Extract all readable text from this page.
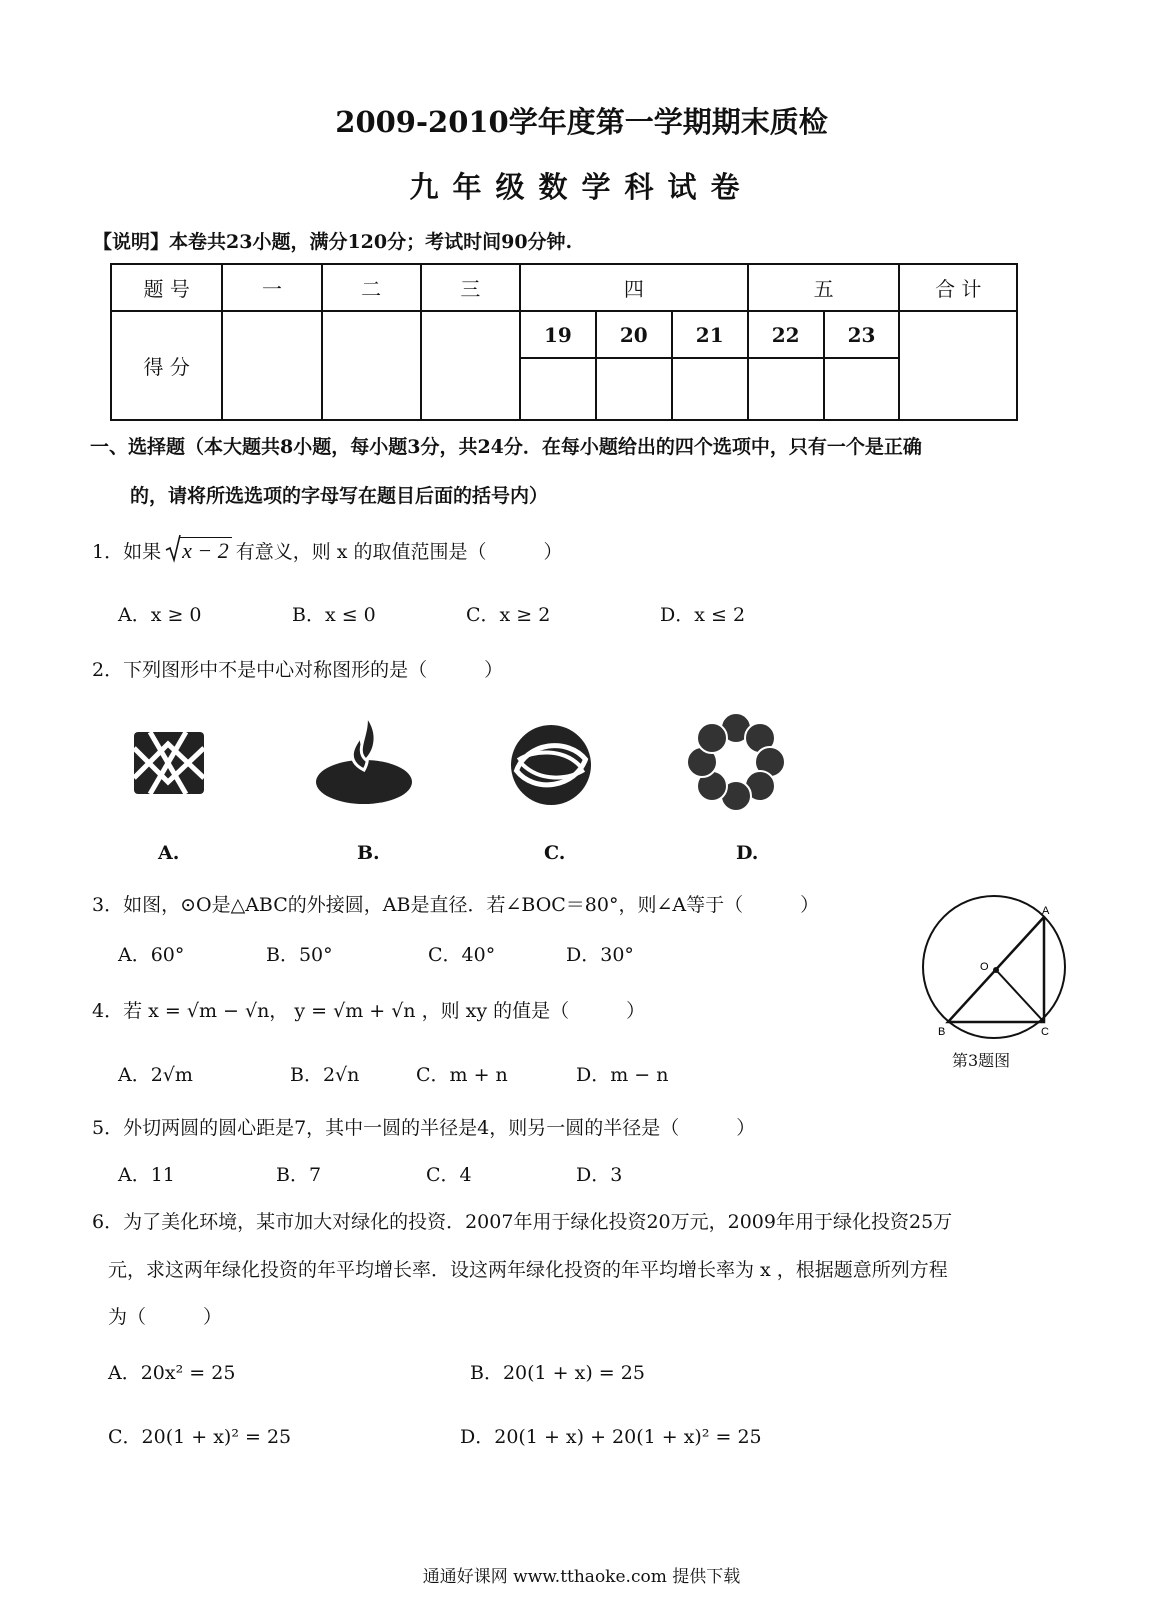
2009-2010学年度第一学期期末质检
九年级数学科试卷
【说明】本卷共23小题，满分120分；考试时间90分钟.
题 号	一	二	三	四			五		合 计
得 分				19	20	21	22	23	

一、选择题（本大题共8小题，每小题3分，共24分．在每小题给出的四个选项中，只有一个是正确
的，请将所选选项的字母写在题目后面的括号内）
1．如果 x − 2 有意义，则 x 的取值范围是（　　　）
A．x ≥ 0	B．x ≤ 0	C．x ≥ 2	D．x ≤ 2
2．下列图形中不是中心对称图形的是（　　　）
A.	B.	C.	D.
3．如图，⊙O是△ABC的外接圆，AB是直径．若∠BOC＝80°，则∠A等于（　　　）
A．60°	B．50°	C．40°	D．30°
A
O
B	C
第3题图
4．若 x = √m − √n， y = √m + √n ，则 xy 的值是（　　　）
A．2√m	B．2√n	C．m + n	D．m − n
5．外切两圆的圆心距是7，其中一圆的半径是4，则另一圆的半径是（　　　）
A．11	B．7	C．4	D．3
6．为了美化环境，某市加大对绿化的投资．2007年用于绿化投资20万元，2009年用于绿化投资25万
元，求这两年绿化投资的年平均增长率．设这两年绿化投资的年平均增长率为 x ，根据题意所列方程
为（　　　）
A．20x² = 25	B．20(1 + x) = 25
C．20(1 + x)² = 25	D．20(1 + x) + 20(1 + x)² = 25
通通好课网 www.tthaoke.com 提供下载
